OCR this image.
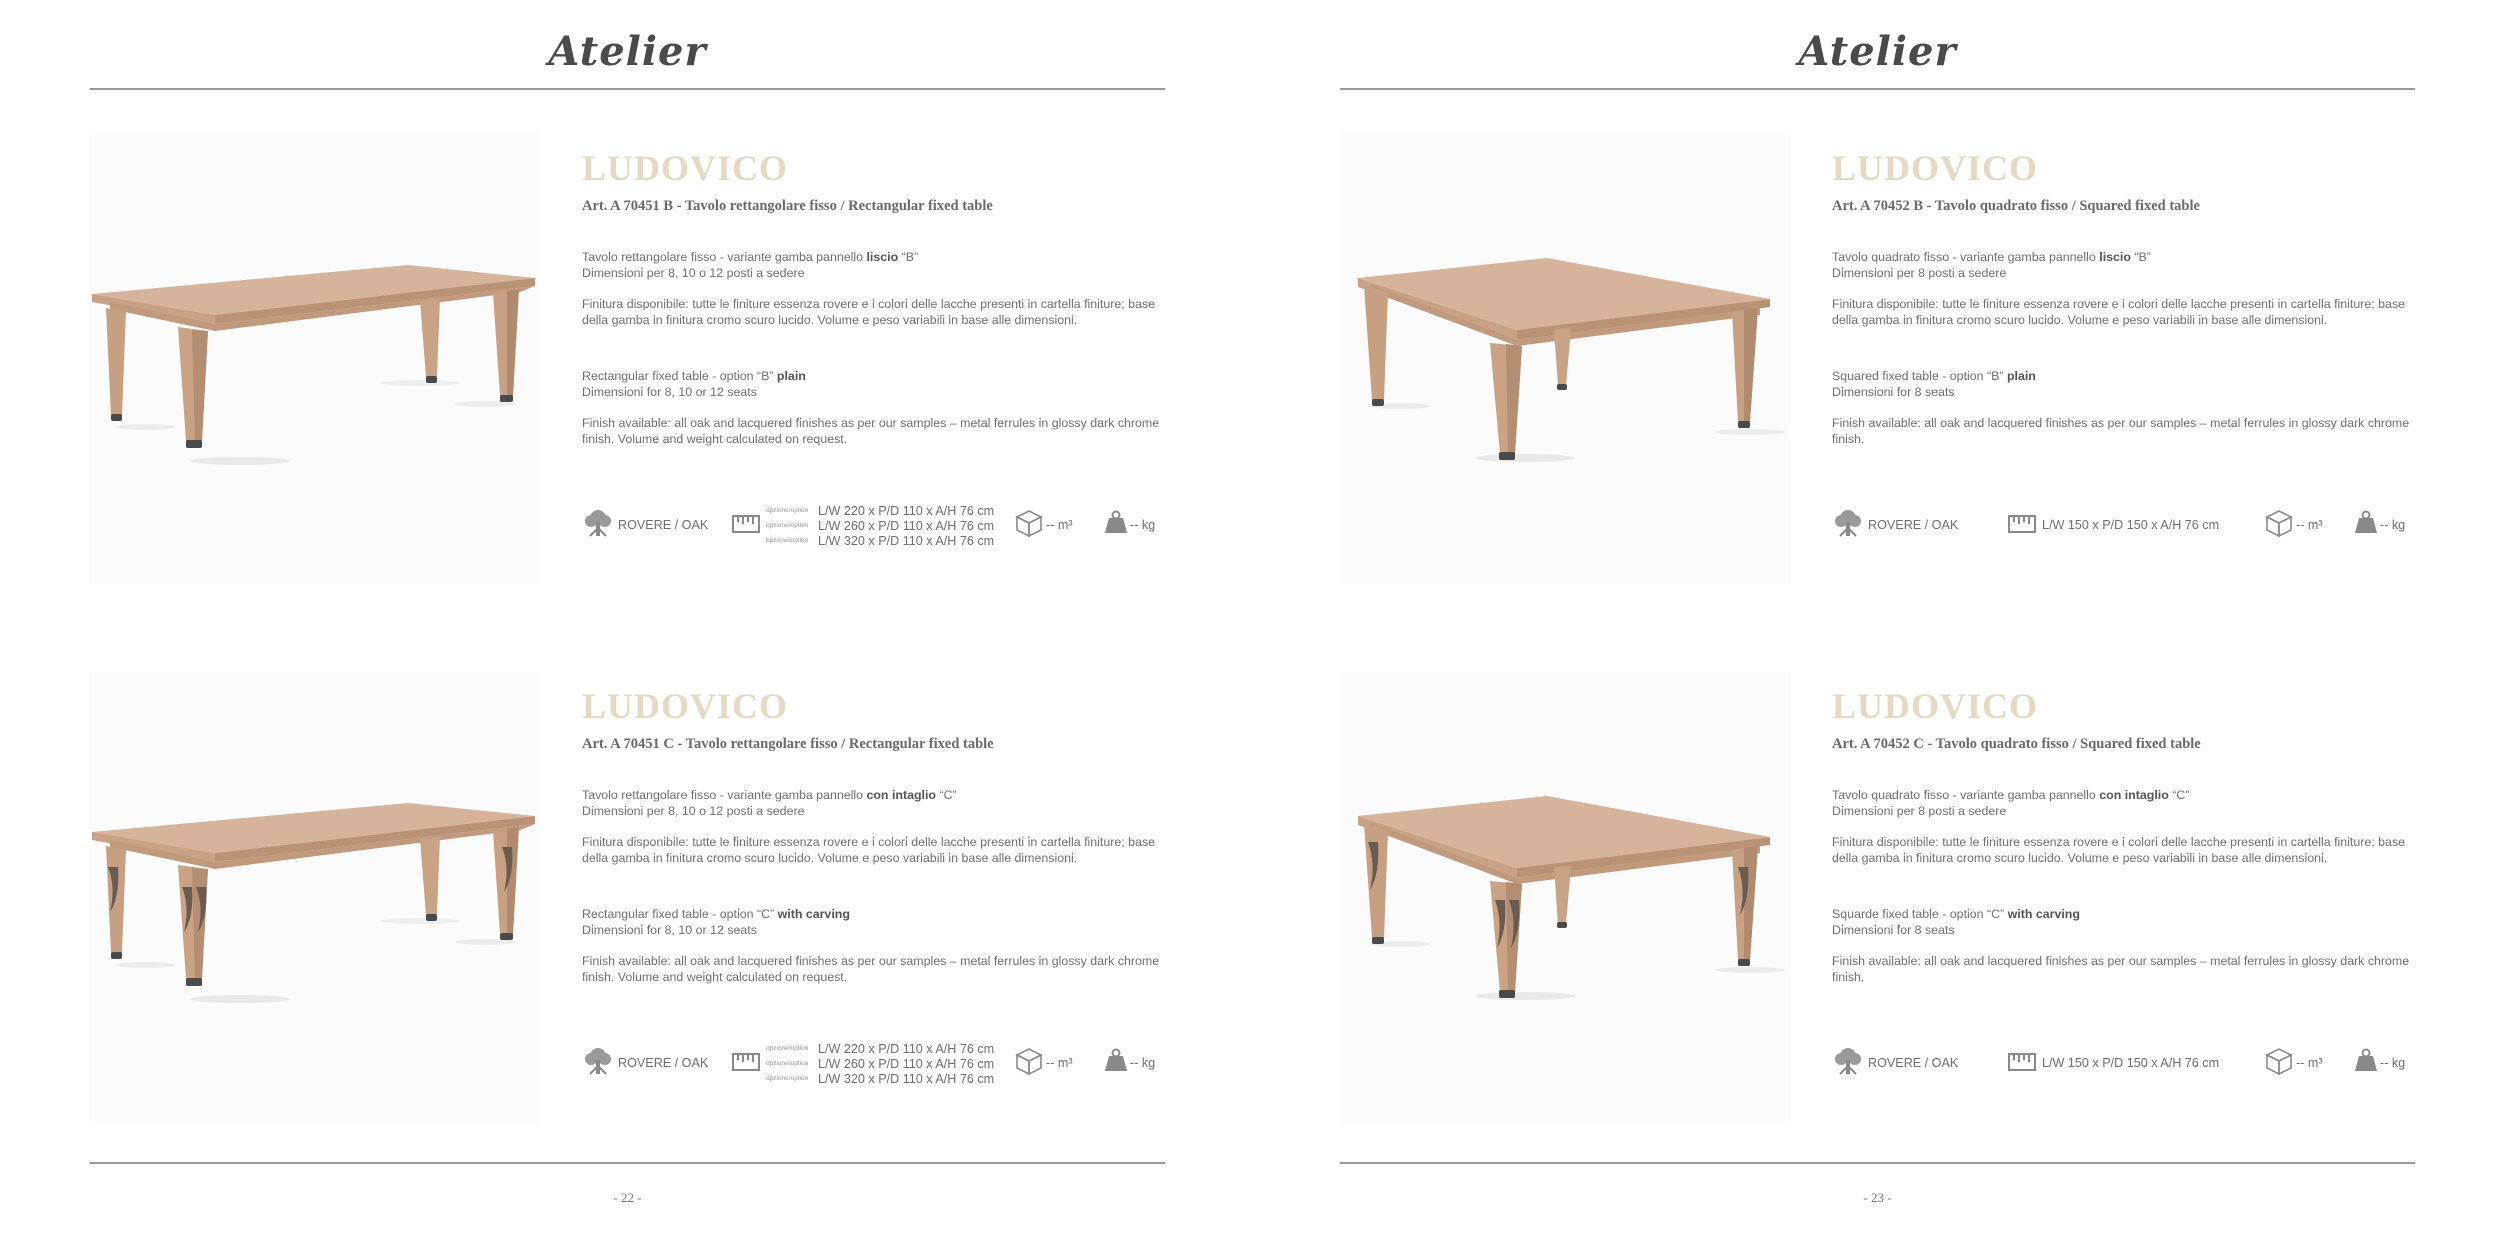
Atelier
LUDOVICO
Art. A 70451 B - Tavolo rettangolare fisso / Rectangular fixed table
Tavolo rettangolare fisso - variante gamba pannello liscio “B”
Dimensioni per 8, 10 o 12 posti a sedere
Finitura disponibile: tutte le finiture essenza rovere e i colori delle lacche presenti in cartella finiture; base della gamba in finitura cromo scuro lucido. Volume e peso variabili in base alle dimensioni.
Rectangular fixed table - option “B” plain
Dimensioni for 8, 10 or 12 seats
Finish available: all oak and lacquered finishes as per our samples – metal ferrules in glossy dark chrome finish. Volume and weight calculated on request.
ROVERE / OAK
opzione/option L/W 220 x P/D 110 x A/H 76 cm
opzione/option L/W 260 x P/D 110 x A/H 76 cm
opzione/option L/W 320 x P/D 110 x A/H 76 cm
-- m³	-- kg
LUDOVICO
Art. A 70451 C - Tavolo rettangolare fisso / Rectangular fixed table
Tavolo rettangolare fisso - variante gamba pannello con intaglio “C”
Dimensioni per 8, 10 o 12 posti a sedere
Finitura disponibile: tutte le finiture essenza rovere e i colori delle lacche presenti in cartella finiture; base della gamba in finitura cromo scuro lucido. Volume e peso variabili in base alle dimensioni.
Rectangular fixed table - option “C” with carving
Dimensioni for 8, 10 or 12 seats
Finish available: all oak and lacquered finishes as per our samples – metal ferrules in glossy dark chrome finish. Volume and weight calculated on request.
ROVERE / OAK
opzione/option L/W 220 x P/D 110 x A/H 76 cm
opzione/option L/W 260 x P/D 110 x A/H 76 cm
opzione/option L/W 320 x P/D 110 x A/H 76 cm
-- m³	-- kg
- 22 -
Atelier
LUDOVICO
Art. A 70452 B - Tavolo quadrato fisso / Squared fixed table
Tavolo quadrato fisso - variante gamba pannello liscio “B”
Dimensioni per 8 posti a sedere
Finitura disponibile: tutte le finiture essenza rovere e i colori delle lacche presenti in cartella finiture; base della gamba in finitura cromo scuro lucido. Volume e peso variabili in base alle dimensioni.
Squared fixed table - option “B” plain
Dimensioni for 8 seats
Finish available: all oak and lacquered finishes as per our samples – metal ferrules in glossy dark chrome finish.
ROVERE / OAK	L/W 150 x P/D 150 x A/H 76 cm	-- m³	-- kg
LUDOVICO
Art. A 70452 C - Tavolo quadrato fisso / Squared fixed table
Tavolo quadrato fisso - variante gamba pannello con intaglio “C”
Dimensioni per 8 posti a sedere
Finitura disponibile: tutte le finiture essenza rovere e i colori delle lacche presenti in cartella finiture; base della gamba in finitura cromo scuro lucido. Volume e peso variabili in base alle dimensioni.
Squarde fixed table - option “C” with carving
Dimensioni for 8 seats
Finish available: all oak and lacquered finishes as per our samples – metal ferrules in glossy dark chrome finish.
ROVERE / OAK	L/W 150 x P/D 150 x A/H 76 cm	-- m³	-- kg
- 23 -
